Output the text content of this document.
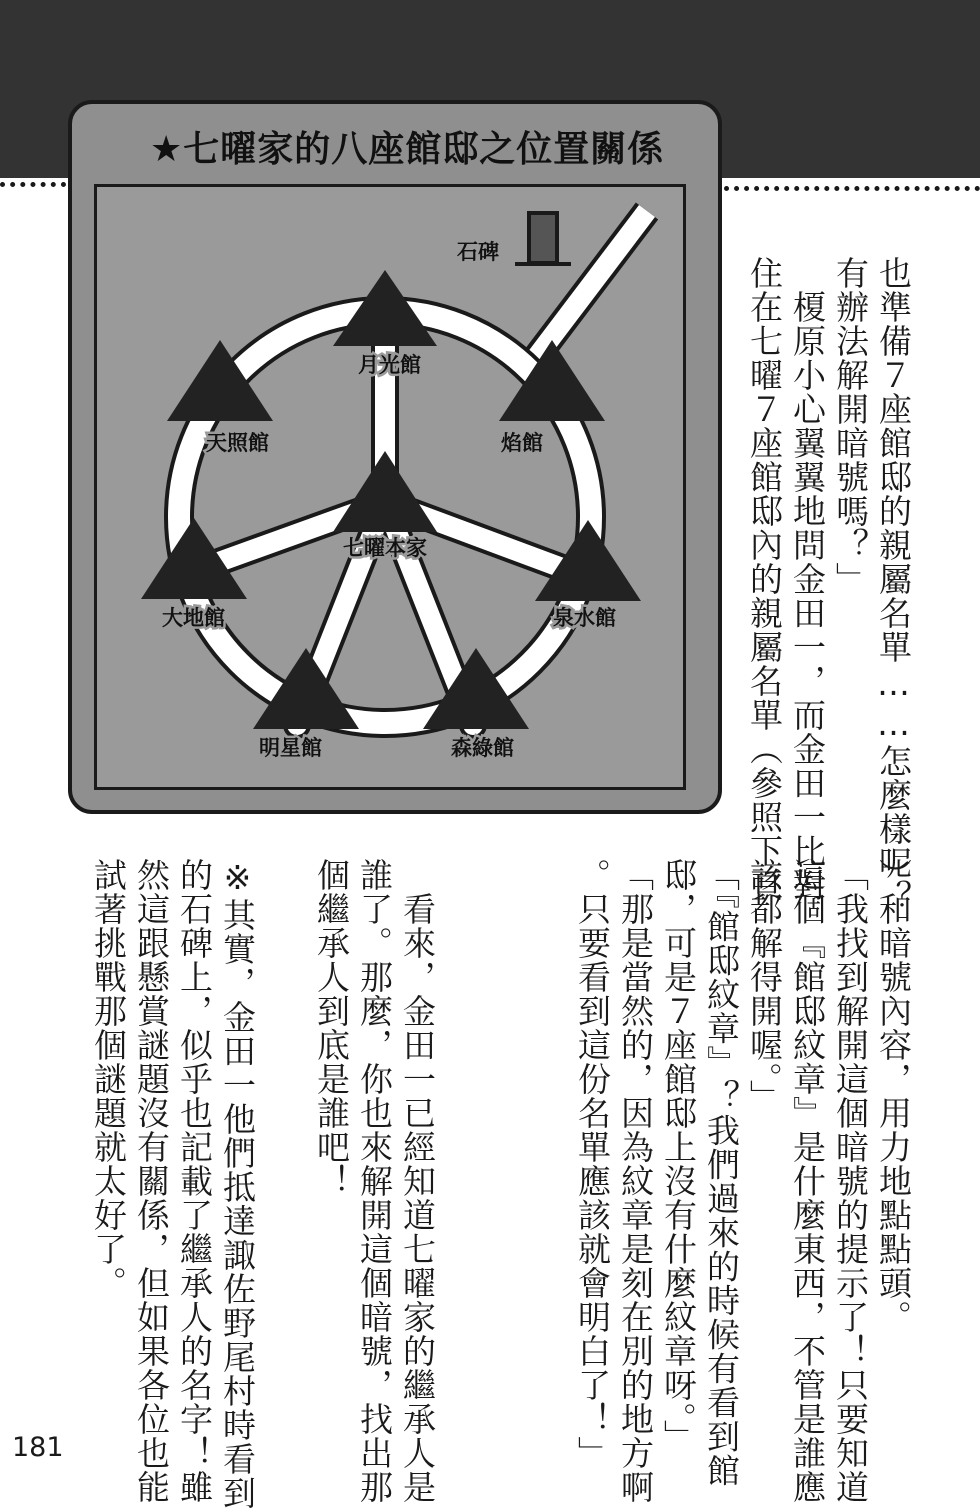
★七曜家的八座館邸之位置關係
石碑
月光館
天照館	焰館
七曜本家
大地館	泉水館
明星館	森綠館	也準備７座館邸的親屬名單……怎麼樣呢？
有辦法解開暗號嗎？」
　榎原小心翼翼地問金田一，而金田一比對
住在七曜７座館邸內的親屬名單（參照下頁
）和暗號內容，用力地點點頭。
「我找到解開這個暗號的提示了！只要知道
這個『館邸紋章』是什麼東西，不管是誰應
該都解得開喔。」
「『館邸紋章』？我們過來的時候有看到館
邸，可是７座館邸上沒有什麼紋章呀。」
「那是當然的，因為紋章是刻在別的地方啊
。只要看到這份名單應該就會明白了！」
　看來，金田一已經知道七曜家的繼承人是
誰了。那麼，你也來解開這個暗號，找出那
個繼承人到底是誰吧！
※其實，金田一他們抵達諏佐野尾村時看到
的石碑上，似乎也記載了繼承人的名字！雖
然這跟懸賞謎題沒有關係，但如果各位也能
試著挑戰那個謎題就太好了。
181
